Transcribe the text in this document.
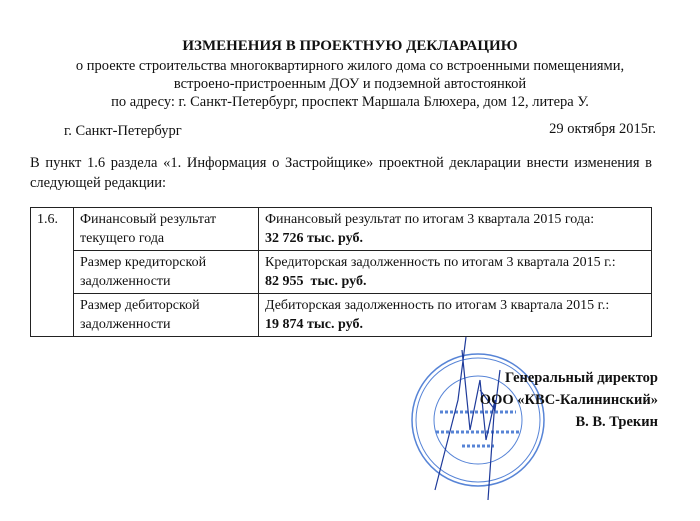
ИЗМЕНЕНИЯ В ПРОЕКТНУЮ ДЕКЛАРАЦИЮ
о проекте строительства многоквартирного жилого дома со встроенными помещениями,
встроено-пристроенным ДОУ и подземной автостоянкой
по адресу: г. Санкт-Петербург, проспект Маршала Блюхера, дом 12, литера У.
г. Санкт-Петербург	29 октября 2015г.
В пункт 1.6 раздела «1. Информация о Застройщике» проектной декларации внести изменения в следующей редакции:
1.6.	Финансовый результат текущего года	Финансовый результат по итогам 3 квартала 2015 года:
32 726 тыс. руб.
	Размер кредиторской задолженности	Кредиторская задолженность по итогам 3 квартала 2015 г.:
82 955  тыс. руб.
	Размер дебиторской задолженности	Дебиторская задолженность по итогам 3 квартала 2015 г.:
19 874 тыс. руб.
Генеральный директор
ООО «КВС-Калининский»
В. В. Трекин
